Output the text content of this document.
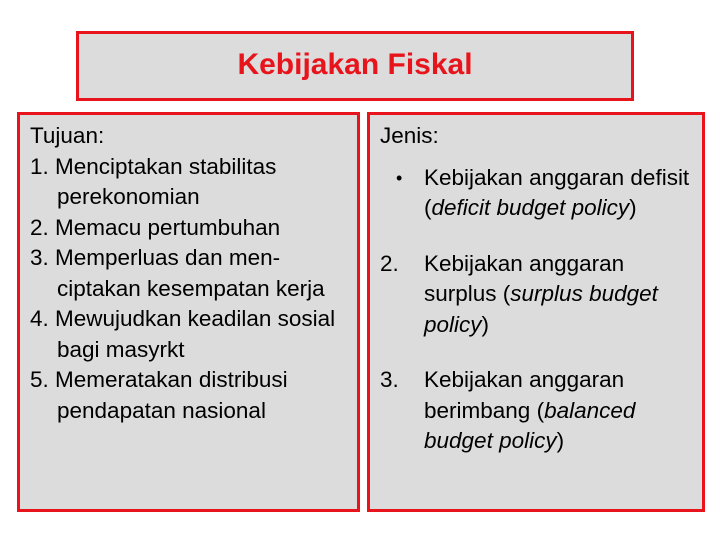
Kebijakan Fiskal
Tujuan:
1. Menciptakan stabilitas perekonomian
2. Memacu pertumbuhan
3. Memperluas dan men-ciptakan kesempatan kerja
4. Mewujudkan keadilan sosial bagi masyrkt
5. Memeratakan distribusi pendapatan nasional
Jenis:
• Kebijakan anggaran defisit (deficit budget policy)
2. Kebijakan anggaran surplus (surplus budget policy)
3. Kebijakan anggaran berimbang (balanced budget policy)
